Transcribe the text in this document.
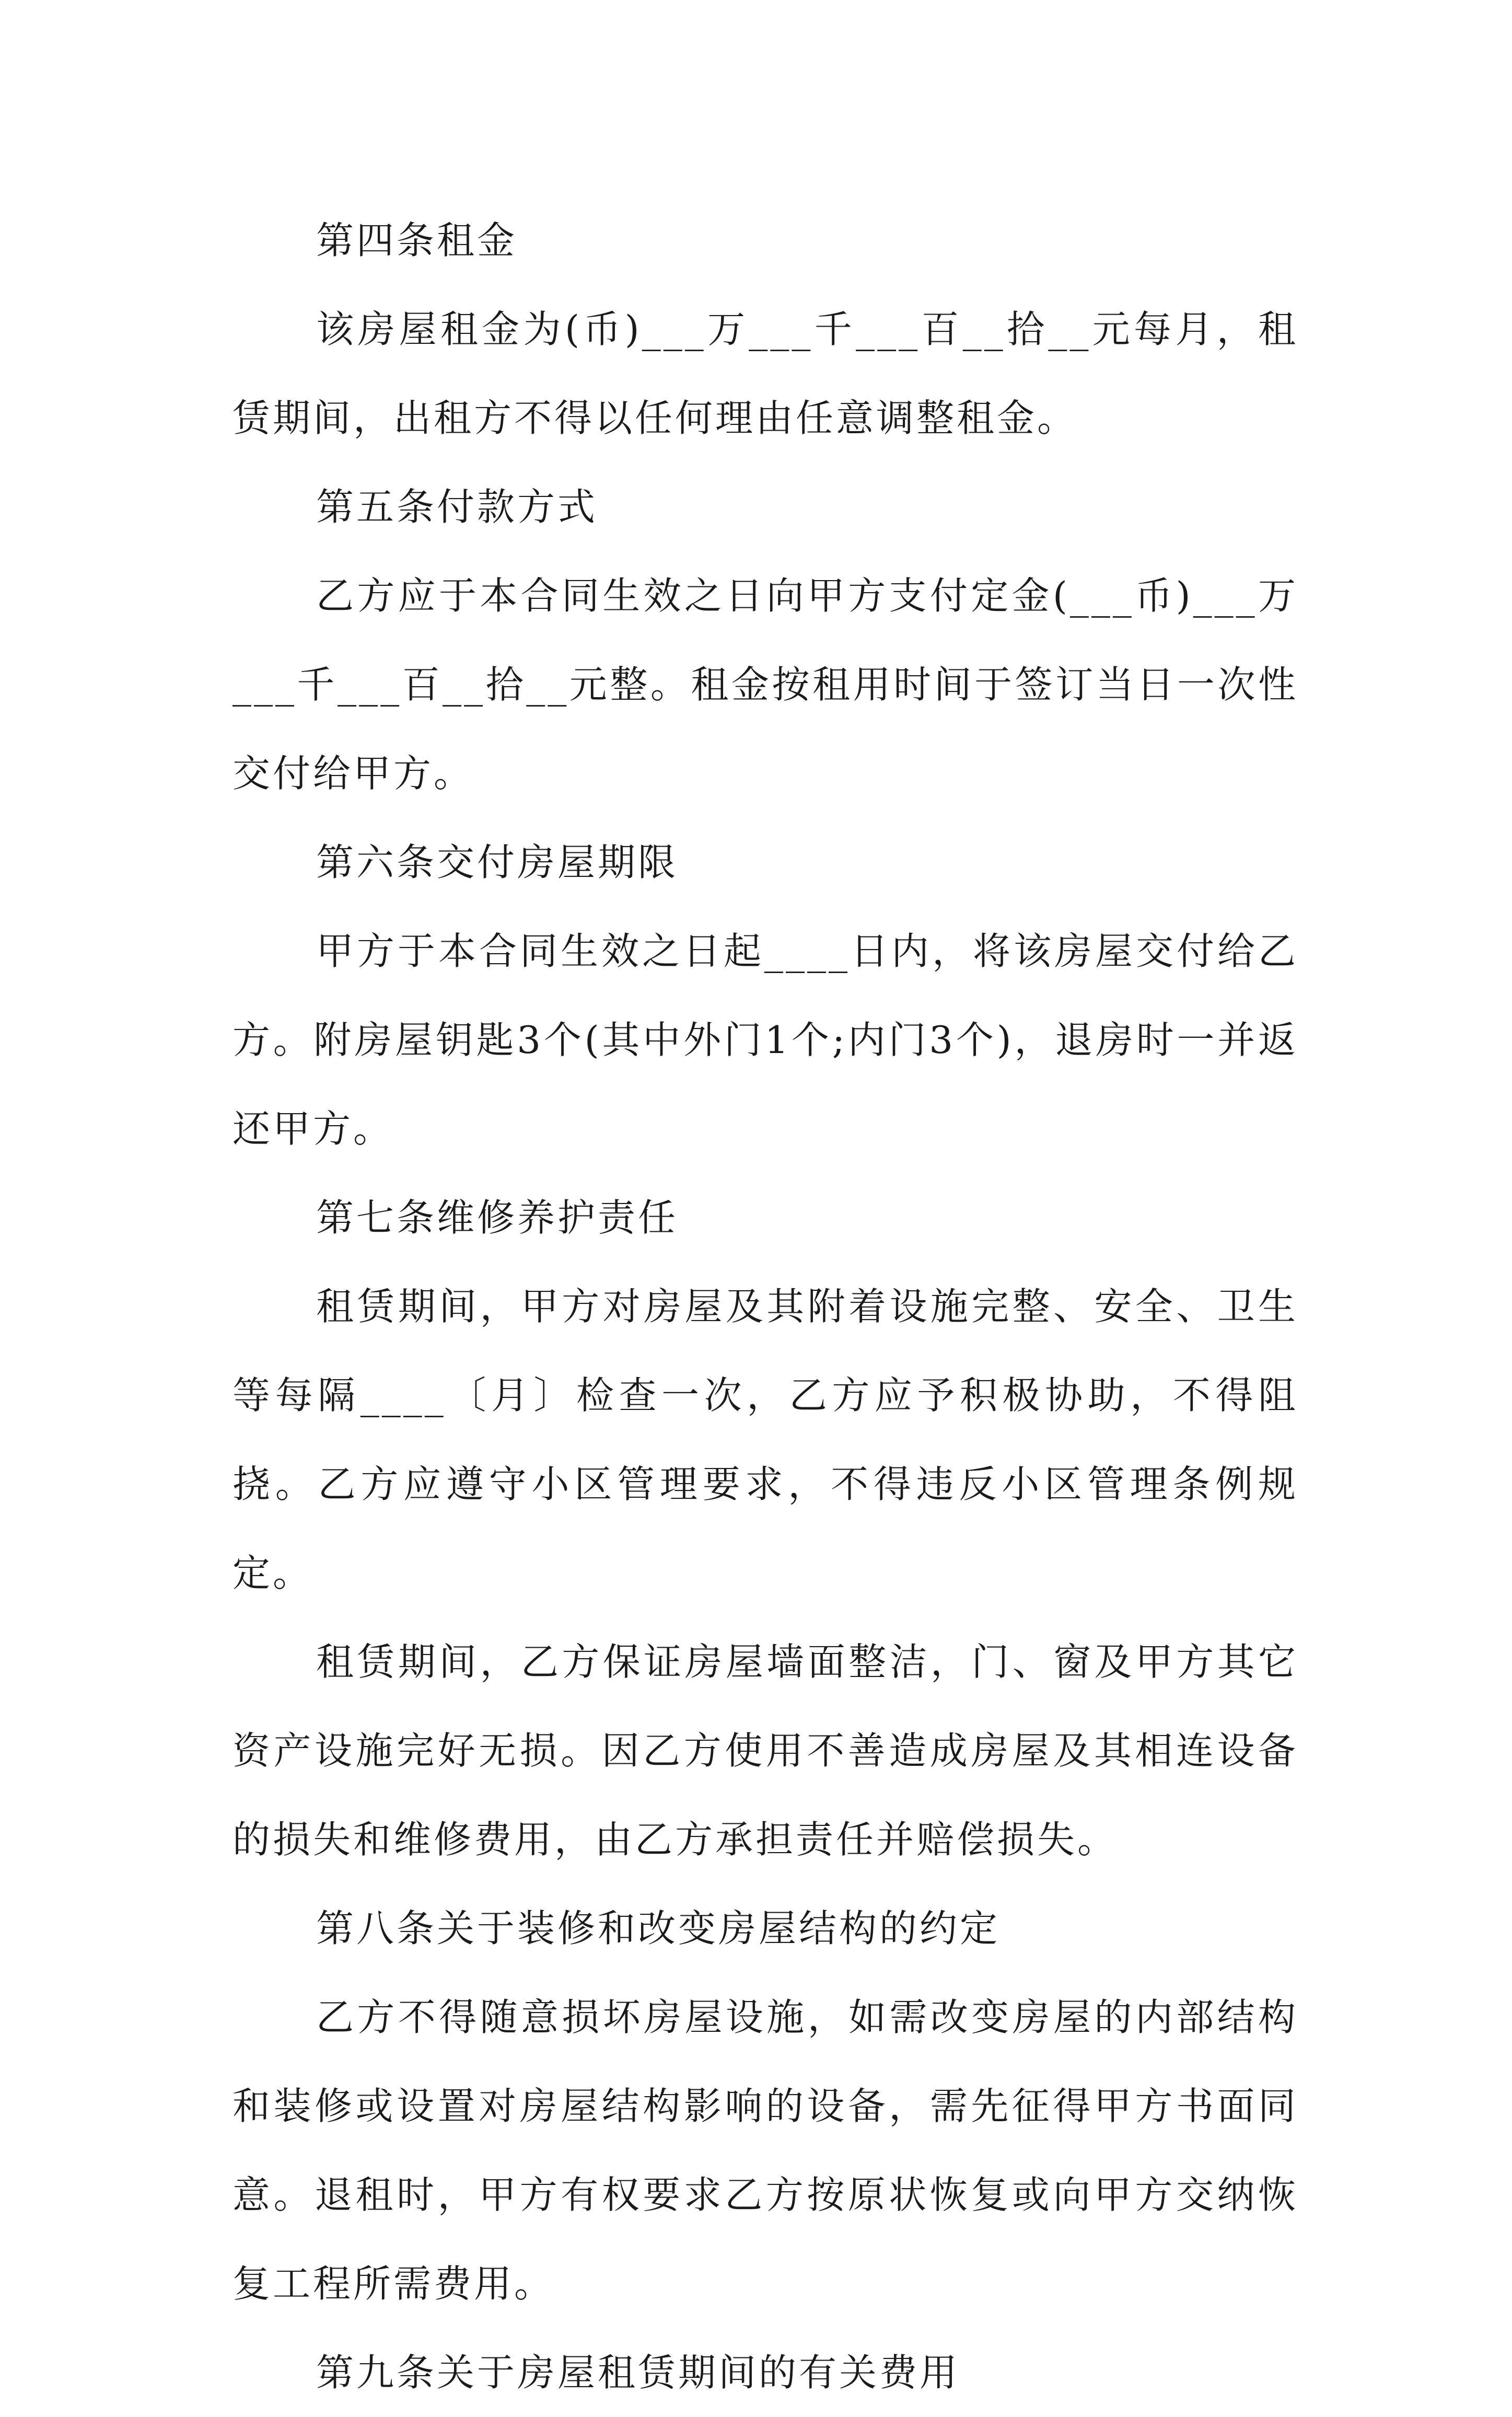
第四条租金

该房屋租金为(币)___万___千___百__拾__元每月，租赁期间，出租方不得以任何理由任意调整租金。

第五条付款方式

乙方应于本合同生效之日向甲方支付定金(___币)___万___千___百__拾__元整。租金按租用时间于签订当日一次性交付给甲方。

第六条交付房屋期限

甲方于本合同生效之日起____日内，将该房屋交付给乙方。附房屋钥匙3个(其中外门1个;内门3个)，退房时一并返还甲方。

第七条维修养护责任

租赁期间，甲方对房屋及其附着设施完整、安全、卫生等每隔____〔月〕检查一次，乙方应予积极协助，不得阻挠。乙方应遵守小区管理要求，不得违反小区管理条例规定。

租赁期间，乙方保证房屋墙面整洁，门、窗及甲方其它资产设施完好无损。因乙方使用不善造成房屋及其相连设备的损失和维修费用，由乙方承担责任并赔偿损失。

第八条关于装修和改变房屋结构的约定

乙方不得随意损坏房屋设施，如需改变房屋的内部结构和装修或设置对房屋结构影响的设备，需先征得甲方书面同意。退租时，甲方有权要求乙方按原状恢复或向甲方交纳恢复工程所需费用。

第九条关于房屋租赁期间的有关费用
